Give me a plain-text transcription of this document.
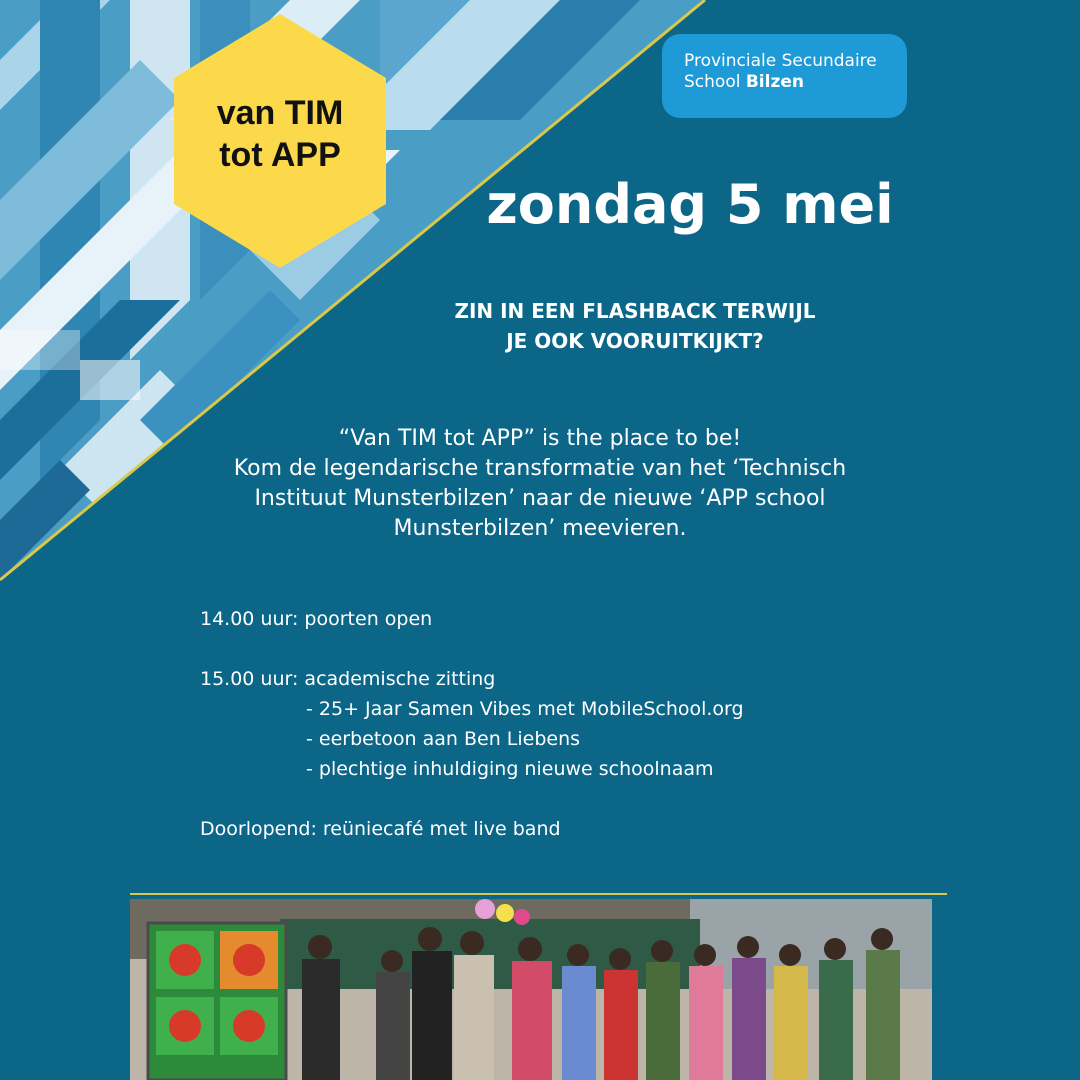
van TIM
tot APP
Provinciale Secundaire
School Bilzen
zondag 5 mei
ZIN IN EEN FLASHBACK TERWIJL
JE OOK VOORUITKIJKT?
“Van TIM tot APP” is the place to be!
Kom de legendarische transformatie van het ‘Technisch
Instituut Munsterbilzen’ naar de nieuwe ‘APP school
Munsterbilzen’ meevieren.
14.00 uur: poorten open
15.00 uur: academische zitting
- 25+ Jaar Samen Vibes met MobileSchool.org
- eerbetoon aan Ben Liebens
- plechtige inhuldiging nieuwe schoolnaam
Doorlopend: reüniecafé met live band
